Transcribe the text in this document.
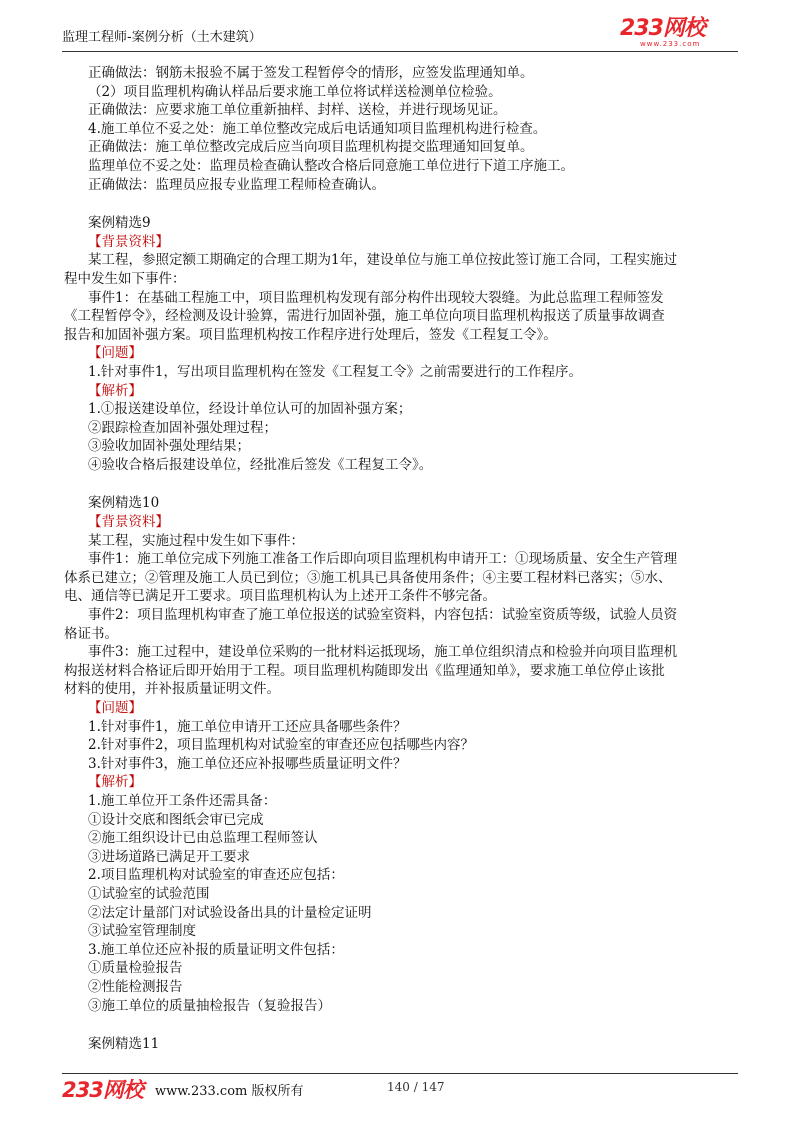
监理工程师-案例分析（土木建筑）	233网校
www.233.com
正确做法：钢筋未报验不属于签发工程暂停令的情形，应签发监理通知单。
（2）项目监理机构确认样品后要求施工单位将试样送检测单位检验。
正确做法：应要求施工单位重新抽样、封样、送检，并进行现场见证。
4.施工单位不妥之处：施工单位整改完成后电话通知项目监理机构进行检查。
正确做法：施工单位整改完成后应当向项目监理机构提交监理通知回复单。
监理单位不妥之处：监理员检查确认整改合格后同意施工单位进行下道工序施工。
正确做法：监理员应报专业监理工程师检查确认。
案例精选9
【背景资料】
某工程，参照定额工期确定的合理工期为1年，建设单位与施工单位按此签订施工合同，工程实施过
程中发生如下事件：
事件1：在基础工程施工中，项目监理机构发现有部分构件出现较大裂缝。为此总监理工程师签发
《工程暂停令》，经检测及设计验算，需进行加固补强，施工单位向项目监理机构报送了质量事故调查
报告和加固补强方案。项目监理机构按工作程序进行处理后，签发《工程复工令》。
【问题】
1.针对事件1，写出项目监理机构在签发《工程复工令》之前需要进行的工作程序。
【解析】
1.①报送建设单位，经设计单位认可的加固补强方案；
②跟踪检查加固补强处理过程；
③验收加固补强处理结果；
④验收合格后报建设单位，经批准后签发《工程复工令》。
案例精选10
【背景资料】
某工程，实施过程中发生如下事件：
事件1：施工单位完成下列施工准备工作后即向项目监理机构申请开工：①现场质量、安全生产管理
体系已建立；②管理及施工人员已到位；③施工机具已具备使用条件；④主要工程材料已落实；⑤水、
电、通信等已满足开工要求。项目监理机构认为上述开工条件不够完备。
事件2：项目监理机构审查了施工单位报送的试验室资料，内容包括：试验室资质等级，试验人员资
格证书。
事件3：施工过程中，建设单位采购的一批材料运抵现场，施工单位组织清点和检验并向项目监理机
构报送材料合格证后即开始用于工程。项目监理机构随即发出《监理通知单》，要求施工单位停止该批
材料的使用，并补报质量证明文件。
【问题】
1.针对事件1，施工单位申请开工还应具备哪些条件？
2.针对事件2，项目监理机构对试验室的审查还应包括哪些内容？
3.针对事件3，施工单位还应补报哪些质量证明文件？
【解析】
1.施工单位开工条件还需具备：
①设计交底和图纸会审已完成
②施工组织设计已由总监理工程师签认
③进场道路已满足开工要求
2.项目监理机构对试验室的审查还应包括：
①试验室的试验范围
②法定计量部门对试验设备出具的计量检定证明
③试验室管理制度
3.施工单位还应补报的质量证明文件包括：
①质量检验报告
②性能检测报告
③施工单位的质量抽检报告（复验报告）
案例精选11
233网校 www.233.com 版权所有	140 / 147
